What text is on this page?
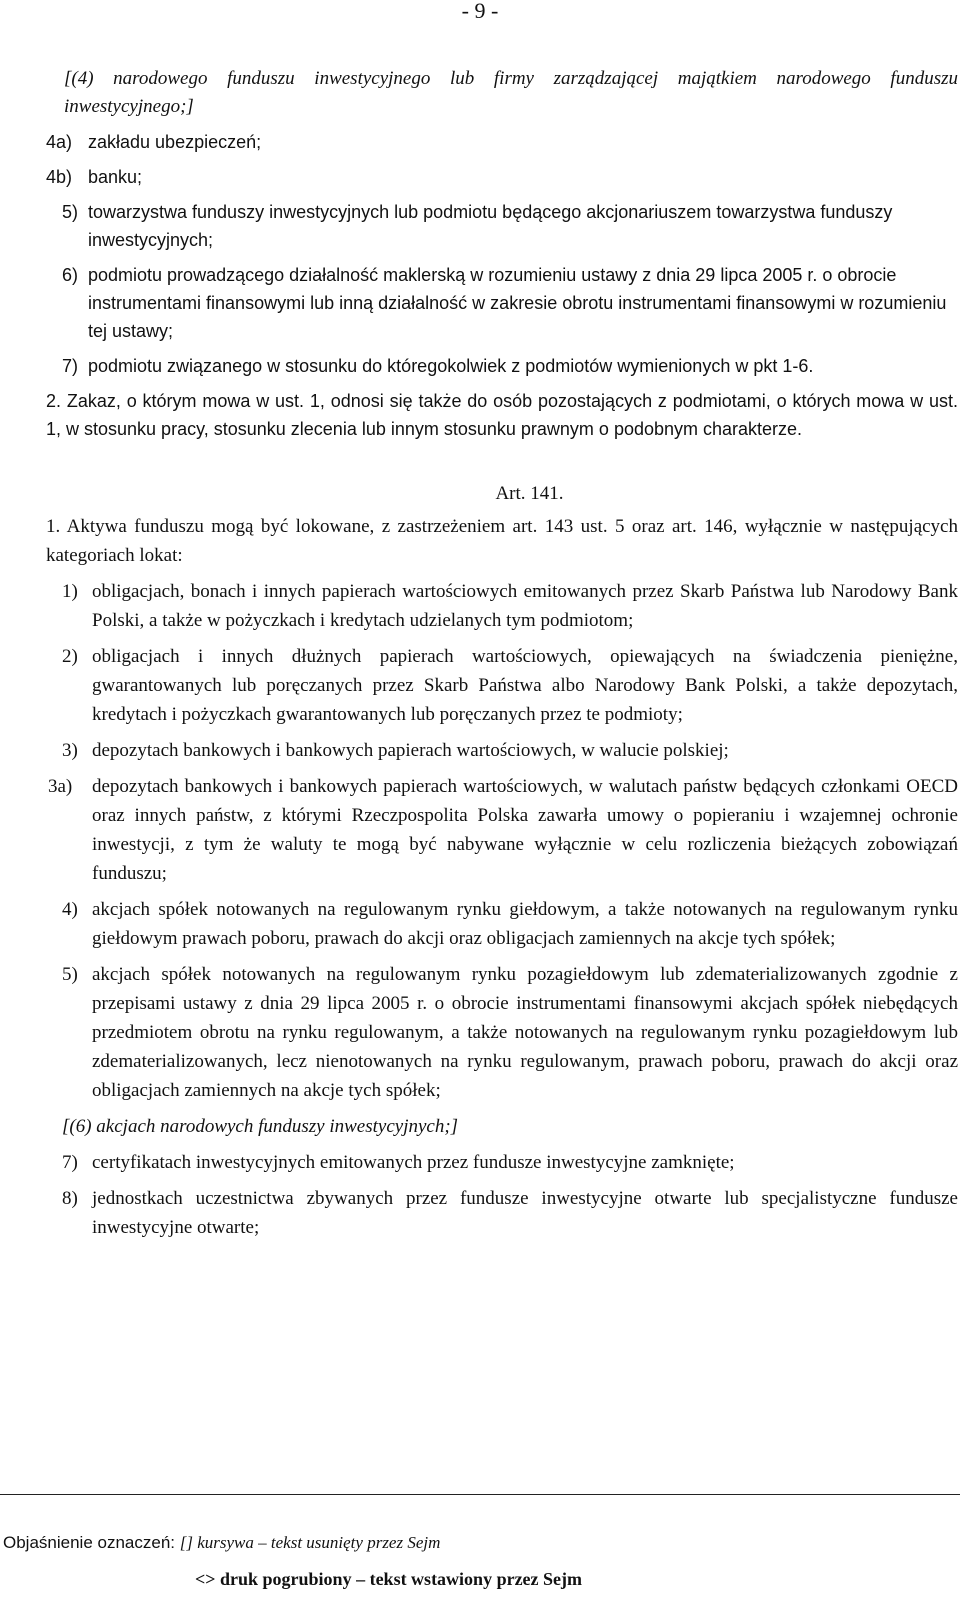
- 9 -
[(4) narodowego funduszu inwestycyjnego lub firmy zarządzającej majątkiem narodowego funduszu inwestycyjnego;]
4a) zakładu ubezpieczeń;
4b) banku;
5) towarzystwa funduszy inwestycyjnych lub podmiotu będącego akcjonariuszem towarzystwa funduszy inwestycyjnych;
6) podmiotu prowadzącego działalność maklerską w rozumieniu ustawy z dnia 29 lipca 2005 r. o obrocie instrumentami finansowymi lub inną działalność w zakresie obrotu instrumentami finansowymi w rozumieniu tej ustawy;
7) podmiotu związanego w stosunku do któregokolwiek z podmiotów wymienionych w pkt 1-6.
2. Zakaz, o którym mowa w ust. 1, odnosi się także do osób pozostających z podmiotami, o których mowa w ust. 1, w stosunku pracy, stosunku zlecenia lub innym stosunku prawnym o podobnym charakterze.
Art. 141.
1. Aktywa funduszu mogą być lokowane, z zastrzeżeniem art. 143 ust. 5 oraz art. 146, wyłącznie w następujących kategoriach lokat:
1) obligacjach, bonach i innych papierach wartościowych emitowanych przez Skarb Państwa lub Narodowy Bank Polski, a także w pożyczkach i kredytach udzielanych tym podmiotom;
2) obligacjach i innych dłużnych papierach wartościowych, opiewających na świadczenia pieniężne, gwarantowanych lub poręczanych przez Skarb Państwa albo Narodowy Bank Polski, a także depozytach, kredytach i pożyczkach gwarantowanych lub poręczanych przez te podmioty;
3) depozytach bankowych i bankowych papierach wartościowych, w walucie polskiej;
3a)	depozytach bankowych i bankowych papierach wartościowych, w walutach państw będących członkami OECD oraz innych państw, z którymi Rzeczpospolita Polska zawarła umowy o popieraniu i wzajemnej ochronie inwestycji, z tym że waluty te mogą być nabywane wyłącznie w celu rozliczenia bieżących zobowiązań funduszu;
4) akcjach spółek notowanych na regulowanym rynku giełdowym, a także notowanych na regulowanym rynku giełdowym prawach poboru, prawach do akcji oraz obligacjach zamiennych na akcje tych spółek;
5) akcjach spółek notowanych na regulowanym rynku pozagiełdowym lub zdematerializowanych zgodnie z przepisami ustawy z dnia 29 lipca 2005 r. o obrocie instrumentami finansowymi akcjach spółek niebędących przedmiotem obrotu na rynku regulowanym, a także notowanych na regulowanym rynku pozagiełdowym lub zdematerializowanych, lecz nienotowanych na rynku regulowanym, prawach poboru, prawach do akcji oraz obligacjach zamiennych na akcje tych spółek;
[(6) akcjach narodowych funduszy inwestycyjnych;]
7) certyfikatach inwestycyjnych emitowanych przez fundusze inwestycyjne zamknięte;
8) jednostkach uczestnictwa zbywanych przez fundusze inwestycyjne otwarte lub specjalistyczne fundusze inwestycyjne otwarte;
Objaśnienie oznaczeń: [] kursywa – tekst usunięty przez Sejm
<> druk pogrubiony – tekst wstawiony przez Sejm
